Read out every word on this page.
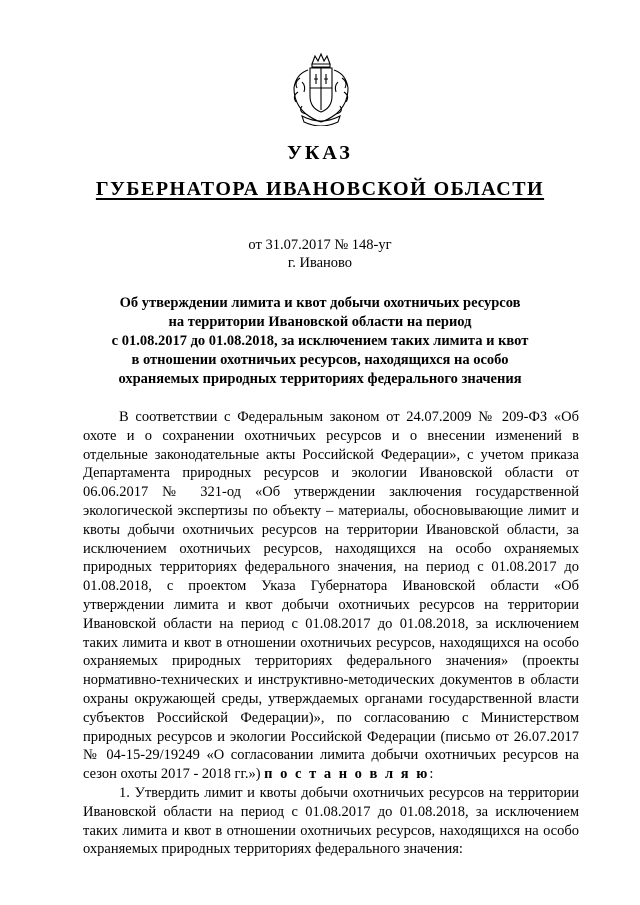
УКАЗ
ГУБЕРНАТОРА ИВАНОВСКОЙ ОБЛАСТИ
от 31.07.2017 № 148-уг
г. Иваново
Об утверждении лимита и квот добычи охотничьих ресурсов
на территории Ивановской области на период
с 01.08.2017 до 01.08.2018, за исключением таких лимита и квот
в отношении охотничьих ресурсов, находящихся на особо
охраняемых природных территориях федерального значения

В соответствии с Федеральным законом от 24.07.2009 № 209-ФЗ «Об охоте и о сохранении охотничьих ресурсов и о внесении изменений в отдельные законодательные акты Российской Федерации», с учетом приказа Департамента природных ресурсов и экологии Ивановской области от 06.06.2017 № 321-од «Об утверждении заключения государственной экологической экспертизы по объекту – материалы, обосновывающие лимит и квоты добычи охотничьих ресурсов на территории Ивановской области, за исключением охотничьих ресурсов, находящихся на особо охраняемых природных территориях федерального значения, на период с 01.08.2017 до 01.08.2018, с проектом Указа Губернатора Ивановской области «Об утверждении лимита и квот добычи охотничьих ресурсов на территории Ивановской области на период с 01.08.2017 до 01.08.2018, за исключением таких лимита и квот в отношении охотничьих ресурсов, находящихся на особо охраняемых природных территориях федерального значения» (проекты нормативно-технических и инструктивно-методических документов в области охраны окружающей среды, утверждаемых органами государственной власти субъектов Российской Федерации)», по согласованию с Министерством природных ресурсов и экологии Российской Федерации (письмо от 26.07.2017 № 04-15-29/19249 «О согласовании лимита добычи охотничьих ресурсов на сезон охоты 2017 - 2018 гг.») п о с т а н о в л я ю:

1. Утвердить лимит и квоты добычи охотничьих ресурсов на территории Ивановской области на период с 01.08.2017 до 01.08.2018, за исключением таких лимита и квот в отношении охотничьих ресурсов, находящихся на особо охраняемых природных территориях федерального значения:
